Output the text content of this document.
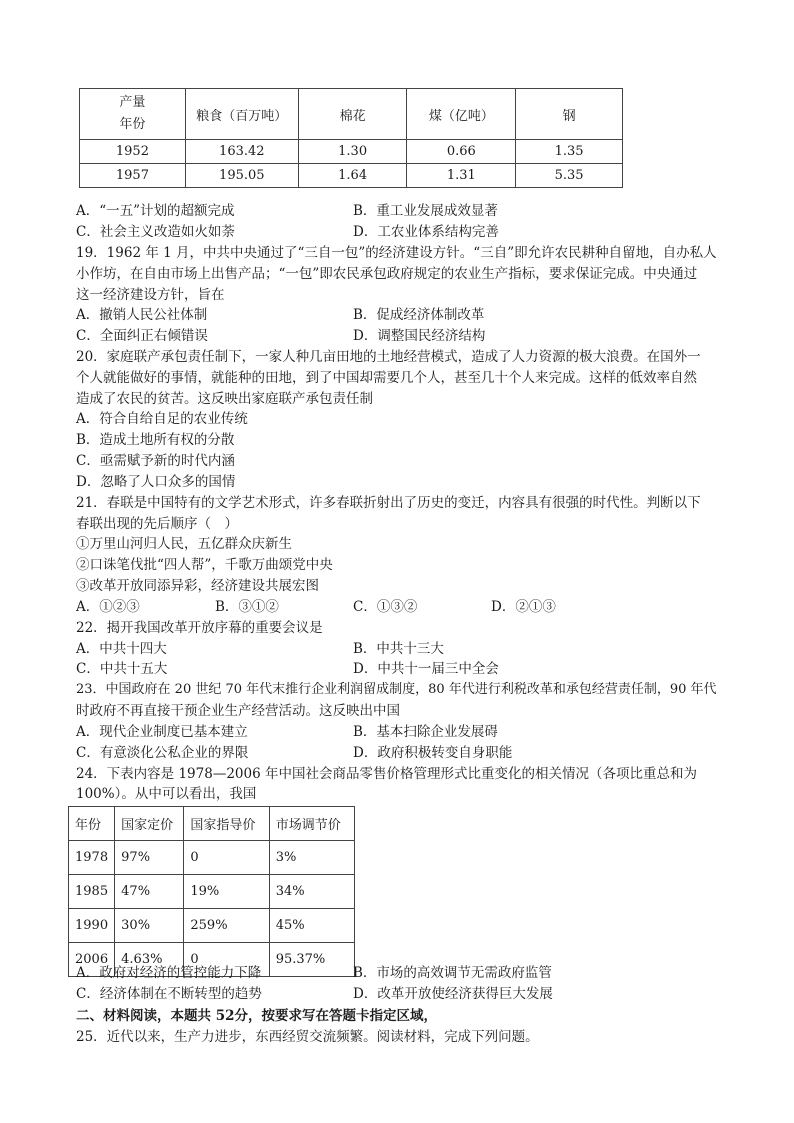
产量
年份	粮食（百万吨）	棉花	煤（亿吨）	钢
1952	163.42	1.30	0.66	1.35
1957	195.05	1.64	1.31	5.35
A．“一五”计划的超额完成	B．重工业发展成效显著
C．社会主义改造如火如荼	D．工农业体系结构完善
19．1962 年 1 月，中共中央通过了“三自一包”的经济建设方针。“三自”即允许农民耕种自留地，自办私人
小作坊，在自由市场上出售产品；“一包”即农民承包政府规定的农业生产指标，要求保证完成。中央通过
这一经济建设方针，旨在
A．撤销人民公社体制	B．促成经济体制改革
C．全面纠正右倾错误	D．调整国民经济结构
20．家庭联产承包责任制下，一家人种几亩田地的土地经营模式，造成了人力资源的极大浪费。在国外一
个人就能做好的事情，就能种的田地，到了中国却需要几个人，甚至几十个人来完成。这样的低效率自然
造成了农民的贫苦。这反映出家庭联产承包责任制
A．符合自给自足的农业传统
B．造成土地所有权的分散
C．亟需赋予新的时代内涵
D．忽略了人口众多的国情
21．春联是中国特有的文学艺术形式，许多春联折射出了历史的变迁，内容具有很强的时代性。判断以下
春联出现的先后顺序（　）
①万里山河归人民，五亿群众庆新生
②口诛笔伐批“四人帮”，千歌万曲颂党中央
③改革开放同添异彩，经济建设共展宏图
A．①②③	B．③①②	C．①③②	D．②①③
22．揭开我国改革开放序幕的重要会议是
A．中共十四大	B．中共十三大
C．中共十五大	D．中共十一届三中全会
23．中国政府在 20 世纪 70 年代末推行企业利润留成制度，80 年代进行利税改革和承包经营责任制，90 年代
时政府不再直接干预企业生产经营活动。这反映出中国
A．现代企业制度已基本建立	B．基本扫除企业发展碍
C．有意淡化公私企业的界限	D．政府积极转变自身职能
24．下表内容是 1978—2006 年中国社会商品零售价格管理形式比重变化的相关情况（各项比重总和为
100%）。从中可以看出，我国
年份	国家定价	国家指导价	市场调节价
1978	97%	0	3%
1985	47%	19%	34%
1990	30%	259%	45%
2006	4.63%	0	95.37%
A．政府对经济的管控能力下降	B．市场的高效调节无需政府监管
C．经济体制在不断转型的趋势	D．改革开放使经济获得巨大发展
二、材料阅读，本题共 52分，按要求写在答题卡指定区域，
25．近代以来，生产力进步，东西经贸交流频繁。阅读材料，完成下列问题。
